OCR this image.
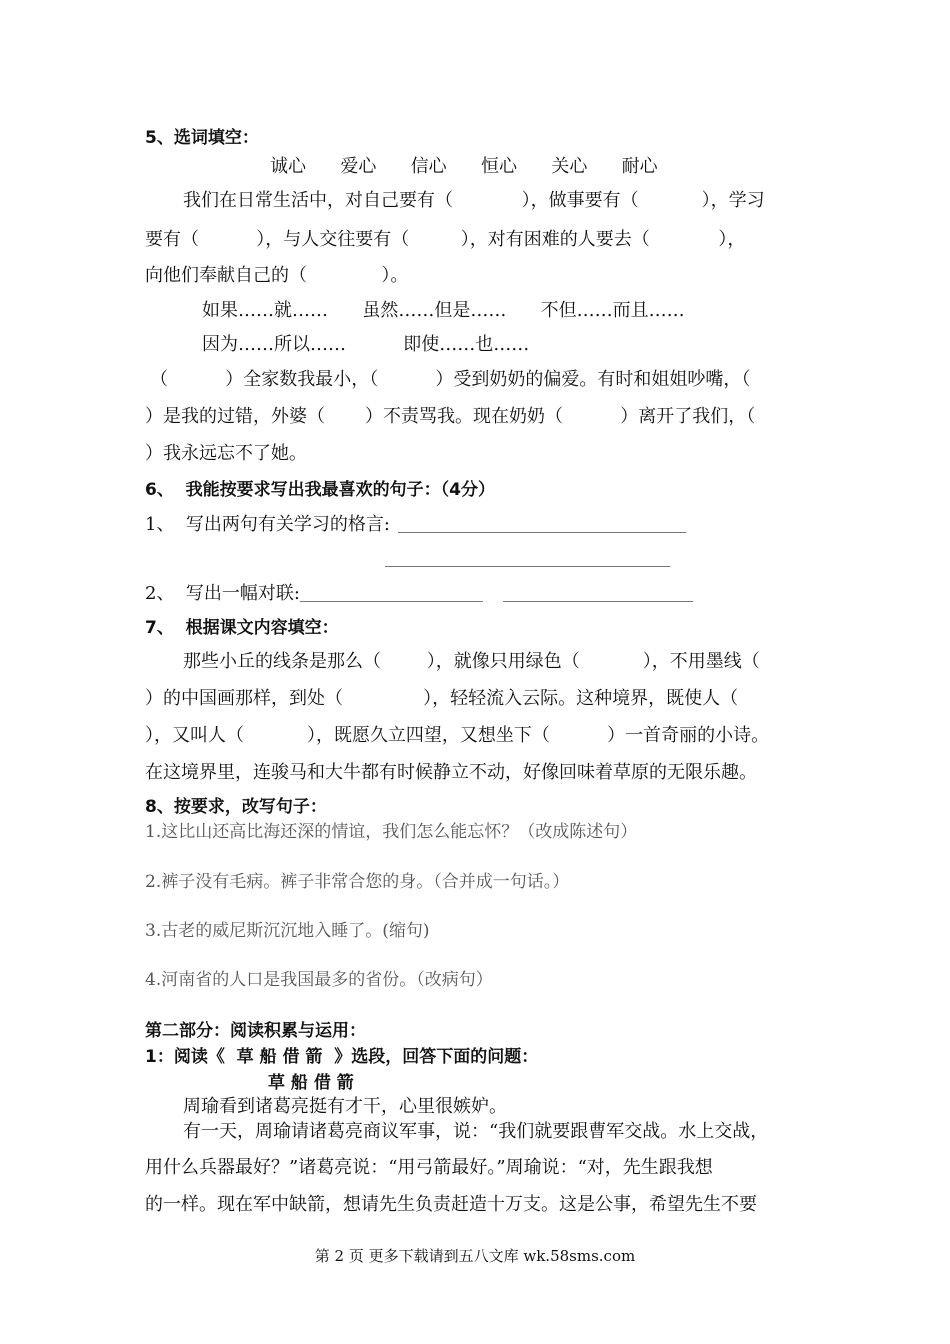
5、选词填空：
诚心      爱心      信心      恒心      关心      耐心
我们在日常生活中，对自己要有（            ），做事要有（           ），学习
要有（          ），与人交往要有（         ），对有困难的人要去（            ），
向他们奉献自己的（             ）。
如果……就……      虽然……但是……      不但……而且……
因为……所以……          即使……也……
（          ）全家数我最小，（          ）受到奶奶的偏爱。有时和姐姐吵嘴，（
）是我的过错，外婆（       ）不责骂我。现在奶奶（          ）离开了我们，（
）我永远忘不了她。
6、  我能按要求写出我最喜欢的句子：（4分）
1、  写出两句有关学习的格言:
2、  写出一幅对联:
7、  根据课文内容填空：
那些小丘的线条是那么（        ），就像只用绿色（           ），不用墨线（
）的中国画那样，到处（              ），轻轻流入云际。这种境界，既使人（
），又叫人（           ），既愿久立四望，又想坐下（          ）一首奇丽的小诗。
在这境界里，连骏马和大牛都有时候静立不动，好像回味着草原的无限乐趣。
8、按要求，改写句子：
1.这比山还高比海还深的情谊，我们怎么能忘怀？（改成陈述句）
2.裤子没有毛病。裤子非常合您的身。（合并成一句话。）
3.古老的威尼斯沉沉地入睡了。(缩句)
4.河南省的人口是我国最多的省份。（改病句）
第二部分：阅读积累与运用：
1：阅读《  草 船 借 箭  》选段，回答下面的问题：
草 船 借 箭
周瑜看到诸葛亮挺有才干，心里很嫉妒。
有一天，周瑜请诸葛亮商议军事，说：“我们就要跟曹军交战。水上交战，
用什么兵器最好？”诸葛亮说：“用弓箭最好。”周瑜说：“对，先生跟我想
的一样。现在军中缺箭，想请先生负责赶造十万支。这是公事，希望先生不要
第 2 页 更多下载请到五八文库 wk.58sms.com
